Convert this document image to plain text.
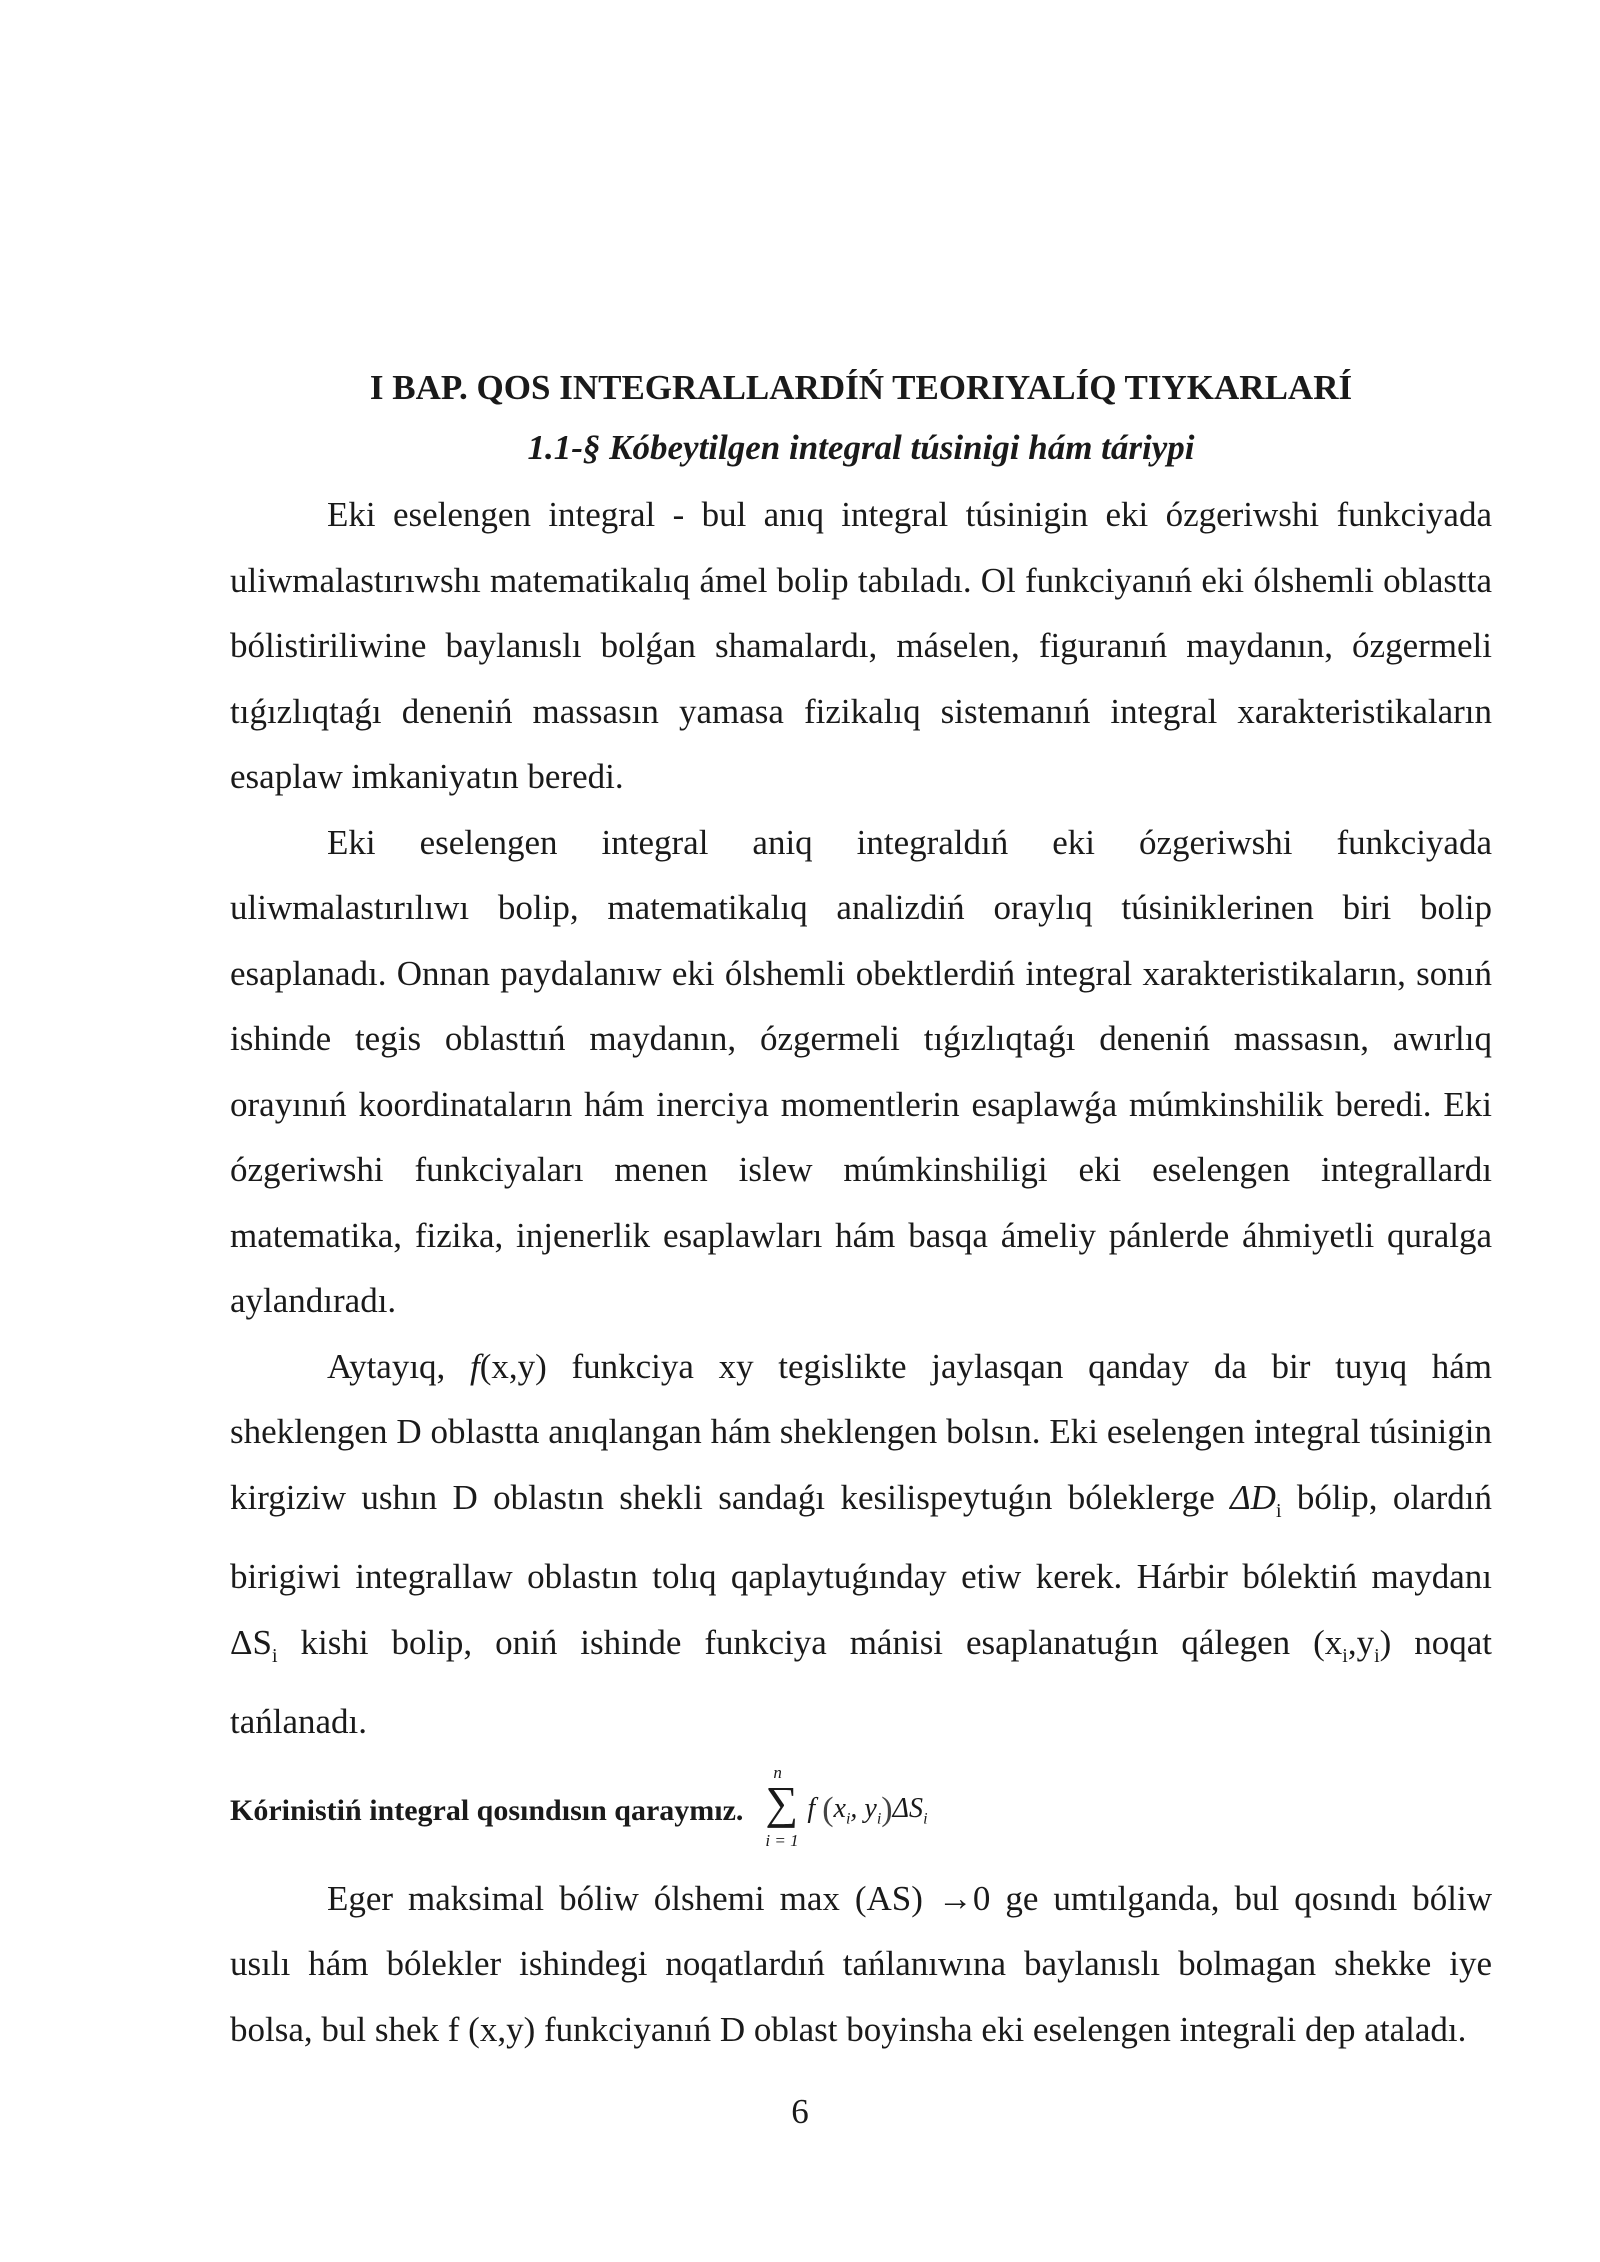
I BAP. QOS INTEGRALLARDÍŃ TEORIYALÍQ TIYKARLARÍ
1.1-§ Kóbeytilgen integral túsinigi hám táriypi

Eki eselengen integral - bul anıq integral túsinigin eki ózgeriwshi funkciyada uliwmalastırıwshı matematikalıq ámel bolip tabıladı. Ol funkciyanıń eki ólshemli oblastta bólistiriliwine baylanıslı bolǵan shamalardı, máselen, figuranıń maydanın, ózgermeli tıǵızlıqtaǵı deneniń massasın yamasa fizikalıq sistemanıń integral xarakteristikaların esaplaw imkaniyatın beredi.

Eki eselengen integral aniq integraldıń eki ózgeriwshi funkciyada uliwmalastırılıwı bolip, matematikalıq analizdiń oraylıq túsiniklerinen biri bolip esaplanadı. Onnan paydalanıw eki ólshemli obektlerdiń integral xarakteristikaların, sonıń ishinde tegis oblasttıń maydanın, ózgermeli tıǵızlıqtaǵı deneniń massasın, awırlıq orayınıń koordinataların hám inerciya momentlerin esaplawǵa múmkinshilik beredi. Eki ózgeriwshi funkciyaları menen islew múmkinshiligi eki eselengen integrallardı matematika, fizika, injenerlik esaplawları hám basqa ámeliy pánlerde áhmiyetli quralga aylandıradı.

Aytayıq, f(x,y) funkciya xy tegislikte jaylasqan qanday da bir tuyıq hám sheklengen D oblastta anıqlangan hám sheklengen bolsın. Eki eselengen integral túsinigin kirgiziw ushın D oblastın shekli sandaǵı kesilispeytuǵın bóleklerge $\Delta D_i$ bólip, olardıń birigiwi integrallaw oblastın tolıq qaplaytuǵınday etiw kerek. Hárbir bólektiń maydanı $\Delta S_i$ kishi bolip, oniń ishinde funkciya mánisi esaplanatuǵın qálegen $(x_i,y_i)$ noqat tańlanadı.

Kórinistiń integral qosındısın qaraymız.
n
∑
i = 1
f ($x_i$, $y_i)\Delta S_i$

Eger maksimal bóliw ólshemi max (AS) →0 ge umtılganda, bul qosındı bóliw usılı hám bólekler ishindegi noqatlardıń tańlanıwına baylanıslı bolmagan shekke iye bolsa, bul shek f (x,y) funkciyanıń D oblast boyinsha eki eselengen integrali dep ataladı.

6
